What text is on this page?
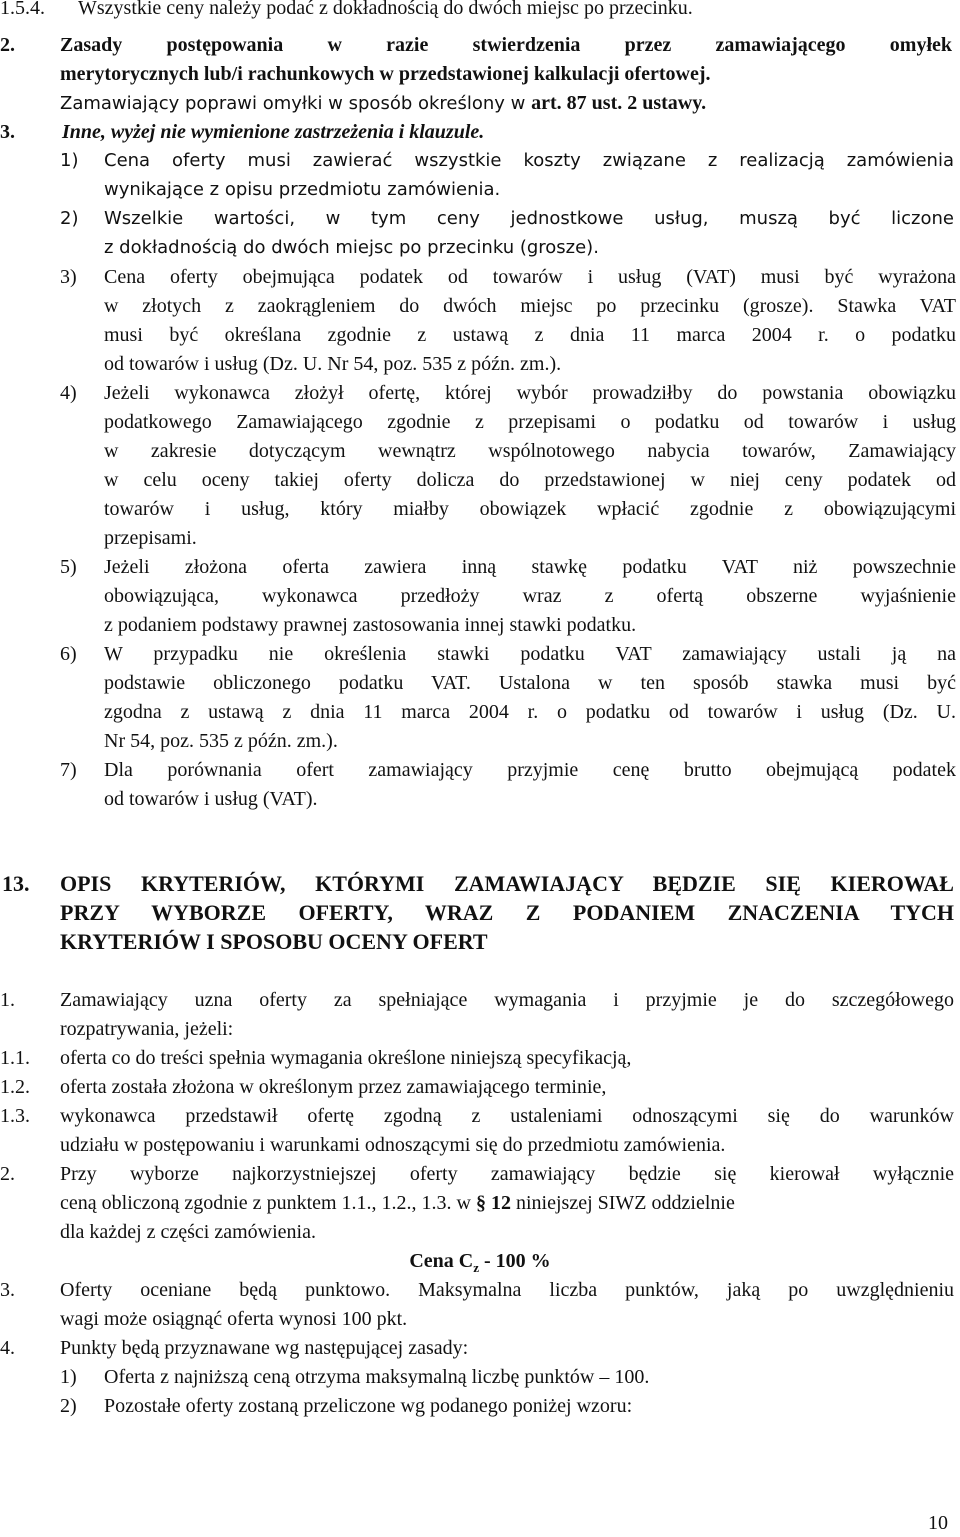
1.5.4. Wszystkie ceny należy podać z dokładnością do dwóch miejsc po przecinku.
2. Zasady postępowania w razie stwierdzenia przez zamawiającego omyłek
merytorycznych lub/i rachunkowych w przedstawionej kalkulacji ofertowej.
Zamawiający poprawi omyłki w sposób określony w art. 87 ust. 2 ustawy.
3. Inne, wyżej nie wymienione zastrzeżenia i klauzule.
1) Cena oferty musi zawierać wszystkie koszty związane z realizacją zamówienia
wynikające z opisu przedmiotu zamówienia.
2) Wszelkie wartości, w tym ceny jednostkowe usług, muszą być liczone
z dokładnością do dwóch miejsc po przecinku (grosze).
3) Cena oferty obejmująca podatek od towarów i usług (VAT) musi być wyrażona
w złotych z zaokrągleniem do dwóch miejsc po przecinku (grosze). Stawka VAT
musi być określana zgodnie z ustawą z dnia 11 marca 2004 r. o podatku
od towarów i usług (Dz. U. Nr 54, poz. 535 z późn. zm.).
4) Jeżeli wykonawca złożył ofertę, której wybór prowadziłby do powstania obowiązku
podatkowego Zamawiającego zgodnie z przepisami o podatku od towarów i usług
w zakresie dotyczącym wewnątrz wspólnotowego nabycia towarów, Zamawiający
w celu oceny takiej oferty dolicza do przedstawionej w niej ceny podatek od
towarów i usług, który miałby obowiązek wpłacić zgodnie z obowiązującymi
przepisami.
5) Jeżeli złożona oferta zawiera inną stawkę podatku VAT niż powszechnie
obowiązująca, wykonawca przedłoży wraz z ofertą obszerne wyjaśnienie
z podaniem podstawy prawnej zastosowania innej stawki podatku.
6) W przypadku nie określenia stawki podatku VAT zamawiający ustali ją na
podstawie obliczonego podatku VAT. Ustalona w ten sposób stawka musi być
zgodna z ustawą z dnia 11 marca 2004 r. o podatku od towarów i usług (Dz. U.
Nr 54, poz. 535 z późn. zm.).
7) Dla porównania ofert zamawiający przyjmie cenę brutto obejmującą podatek
od towarów i usług (VAT).
13. OPIS KRYTERIÓW, KTÓRYMI ZAMAWIAJĄCY BĘDZIE SIĘ KIEROWAŁ
PRZY WYBORZE OFERTY, WRAZ Z PODANIEM ZNACZENIA TYCH
KRYTERIÓW I SPOSOBU OCENY OFERT
1. Zamawiający uzna oferty za spełniające wymagania i przyjmie je do szczegółowego
rozpatrywania, jeżeli:
1.1. oferta co do treści spełnia wymagania określone niniejszą specyfikacją,
1.2. oferta została złożona w określonym przez zamawiającego terminie,
1.3. wykonawca przedstawił ofertę zgodną z ustaleniami odnoszącymi się do warunków
udziału w postępowaniu i warunkami odnoszącymi się do przedmiotu zamówienia.
2. Przy wyborze najkorzystniejszej oferty zamawiający będzie się kierował wyłącznie
ceną obliczoną zgodnie z punktem 1.1., 1.2., 1.3. w § 12 niniejszej SIWZ oddzielnie
dla każdej z części zamówienia.
Cena $C_z - 100$ %
3. Oferty oceniane będą punktowo. Maksymalna liczba punktów, jaką po uwzględnieniu
wagi może osiągnąć oferta wynosi 100 pkt.
4. Punkty będą przyznawane wg następującej zasady:
1) Oferta z najniższą ceną otrzyma maksymalną liczbę punktów – 100.
2) Pozostałe oferty zostaną przeliczone wg podanego poniżej wzoru:
10
